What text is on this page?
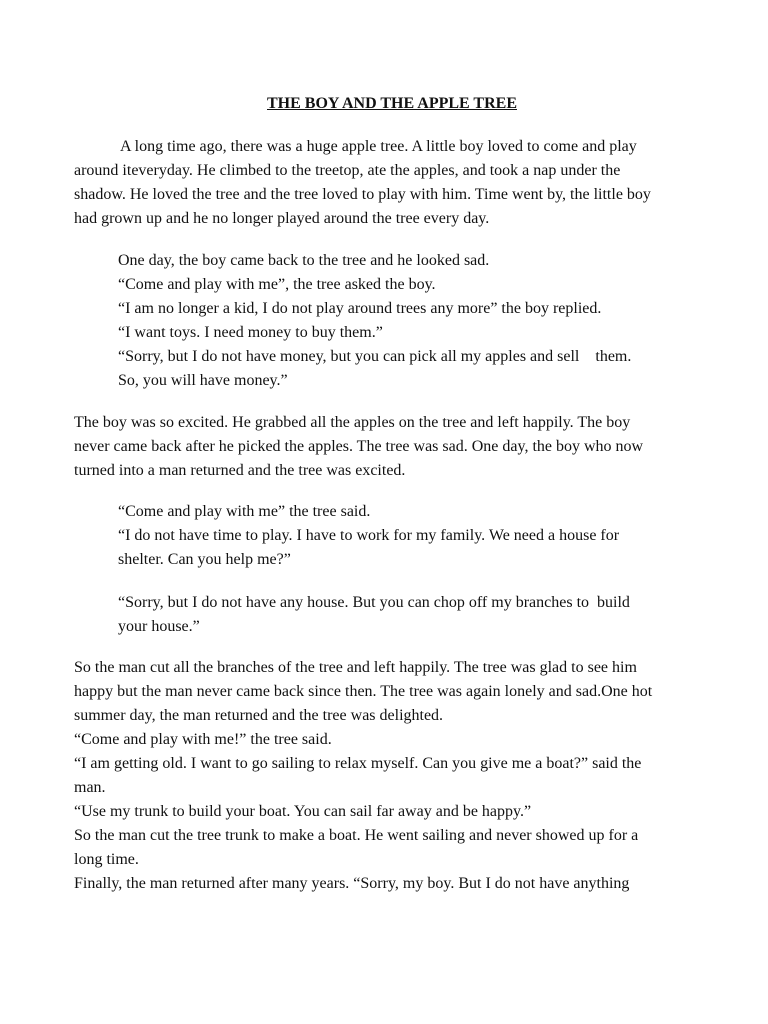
THE BOY AND THE APPLE TREE
A long time ago, there was a huge apple tree. A little boy loved to come and play
around iteveryday. He climbed to the treetop, ate the apples, and took a nap under the
shadow. He loved the tree and the tree loved to play with him. Time went by, the little boy
had grown up and he no longer played around the tree every day.
One day, the boy came back to the tree and he looked sad.
“Come and play with me”, the tree asked the boy.
“I am no longer a kid, I do not play around trees any more” the boy replied.
“I want toys. I need money to buy them.”
“Sorry, but I do not have money, but you can pick all my apples and sell    them.
So, you will have money.”
The boy was so excited. He grabbed all the apples on the tree and left happily. The boy
never came back after he picked the apples. The tree was sad. One day, the boy who now
turned into a man returned and the tree was excited.
“Come and play with me” the tree said.
“I do not have time to play. I have to work for my family. We need a house for
shelter. Can you help me?”
“Sorry, but I do not have any house. But you can chop off my branches to  build
your house.”
So the man cut all the branches of the tree and left happily. The tree was glad to see him
happy but the man never came back since then. The tree was again lonely and sad.One hot
summer day, the man returned and the tree was delighted.
“Come and play with me!” the tree said.
“I am getting old. I want to go sailing to relax myself. Can you give me a boat?” said the
man.
“Use my trunk to build your boat. You can sail far away and be happy.”
So the man cut the tree trunk to make a boat. He went sailing and never showed up for a
long time.
Finally, the man returned after many years. “Sorry, my boy. But I do not have anything
